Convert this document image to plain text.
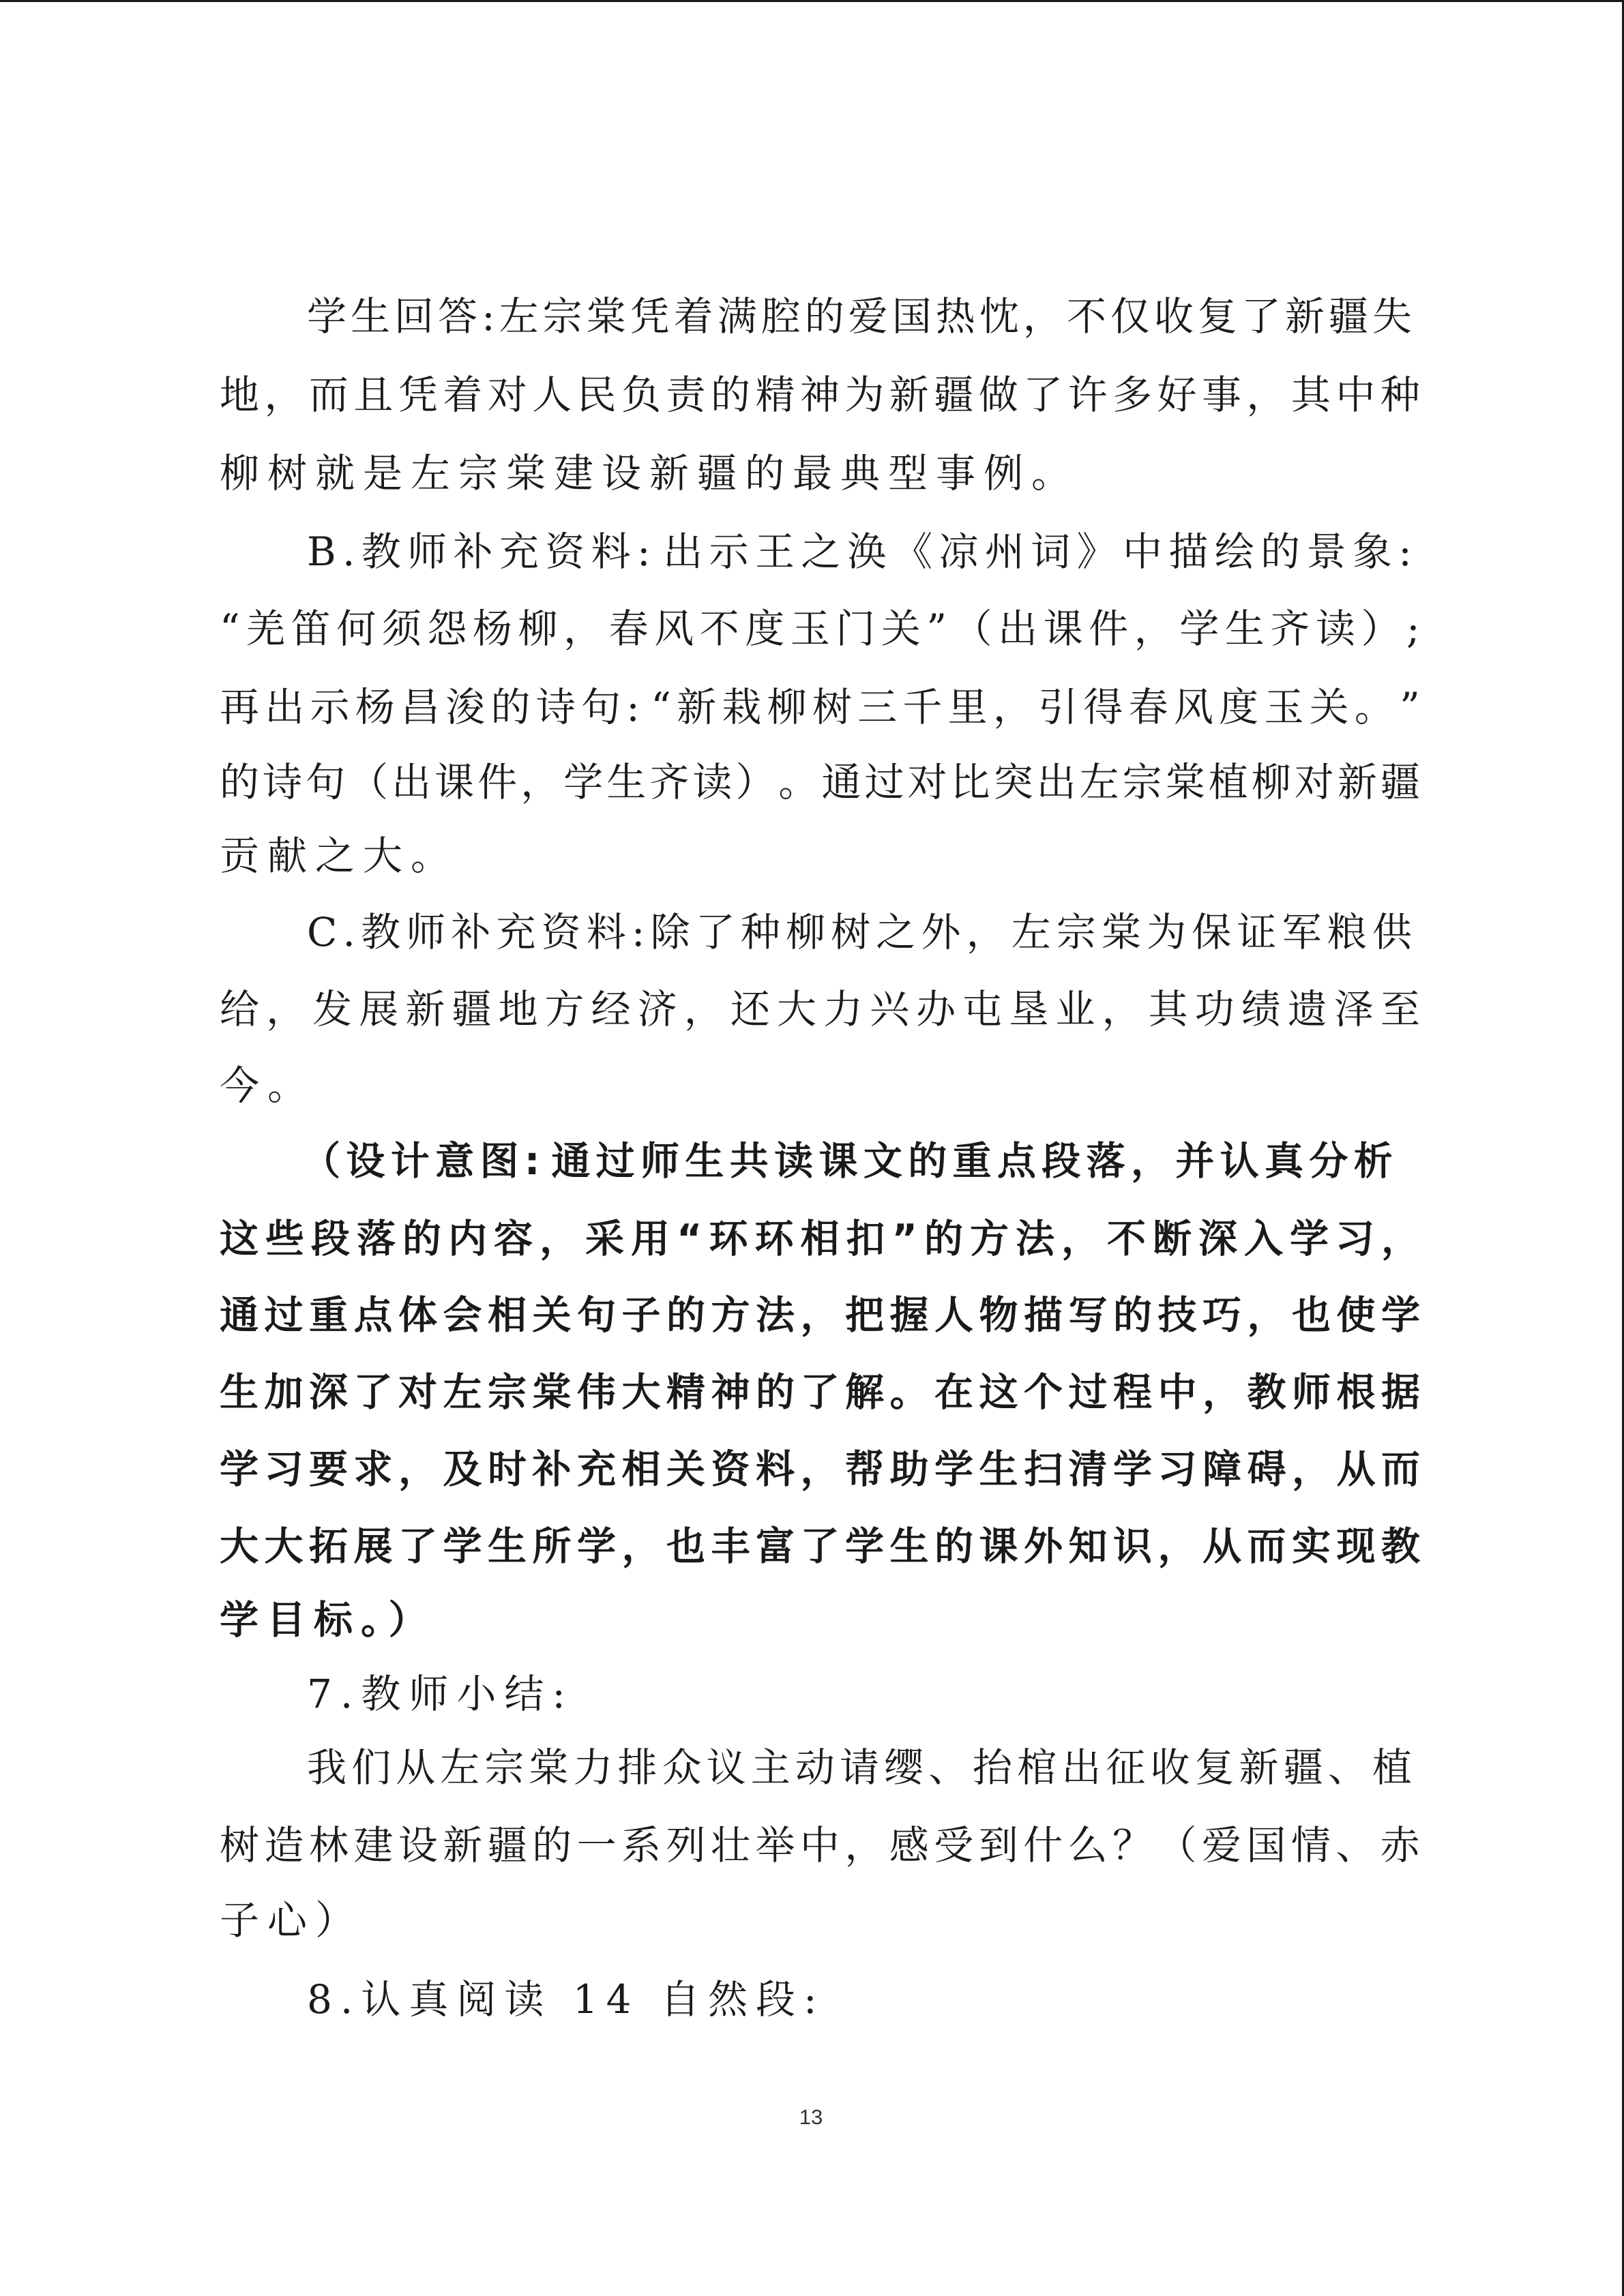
学 生 回 答 : 左 宗 棠 凭 着 满 腔 的 爱 国 热 忱 ， 不 仅 收 复 了 新 疆 失
地 ， 而 且 凭 着 对 人 民 负 责 的 精 神 为 新 疆 做 了 许 多 好 事 ， 其 中 种
柳树就是左宗棠建设新疆的最典型事例。
B . 教 师 补 充 资 料 : 出 示 王 之 涣 《 凉 州 词 》 中 描 绘 的 景 象 :
“ 羌 笛 何 须 怨 杨 柳 ， 春 风 不 度 玉 门 关 ” （ 出 课 件 ， 学 生 齐 读 ） ;
再 出 示 杨 昌 浚 的 诗 句 : “ 新 栽 柳 树 三 千 里 ， 引 得 春 风 度 玉 关 。 ”
的 诗 句 （ 出 课 件 ， 学 生 齐 读 ） 。 通 过 对 比 突 出 左 宗 棠 植 柳 对 新 疆
贡献之大。
C . 教 师 补 充 资 料 : 除 了 种 柳 树 之 外 ， 左 宗 棠 为 保 证 军 粮 供
给 ， 发 展 新 疆 地 方 经 济 ， 还 大 力 兴 办 屯 垦 业 ， 其 功 绩 遗 泽 至
今。
（ 设 计 意 图 : 通 过 师 生 共 读 课 文 的 重 点 段 落 ， 并 认 真 分 析
这 些 段 落 的 内 容 ， 采 用 “ 环 环 相 扣 ” 的 方 法 ， 不 断 深 入 学 习 ，
通 过 重 点 体 会 相 关 句 子 的 方 法 ， 把 握 人 物 描 写 的 技 巧 ， 也 使 学
生 加 深 了 对 左 宗 棠 伟 大 精 神 的 了 解 。 在 这 个 过 程 中 ， 教 师 根 据
学 习 要 求 ， 及 时 补 充 相 关 资 料 ， 帮 助 学 生 扫 清 学 习 障 碍 ， 从 而
大 大 拓 展 了 学 生 所 学 ， 也 丰 富 了 学 生 的 课 外 知 识 ， 从 而 实 现 教
学目标。）
7.教师小结:
我 们 从 左 宗 棠 力 排 众 议 主 动 请 缨 、 抬 棺 出 征 收 复 新 疆 、 植
树 造 林 建 设 新 疆 的 一 系 列 壮 举 中 ， 感 受 到 什 么 ？ （ 爱 国 情 、 赤
子心）
8.认真阅读 14 自然段:
13
